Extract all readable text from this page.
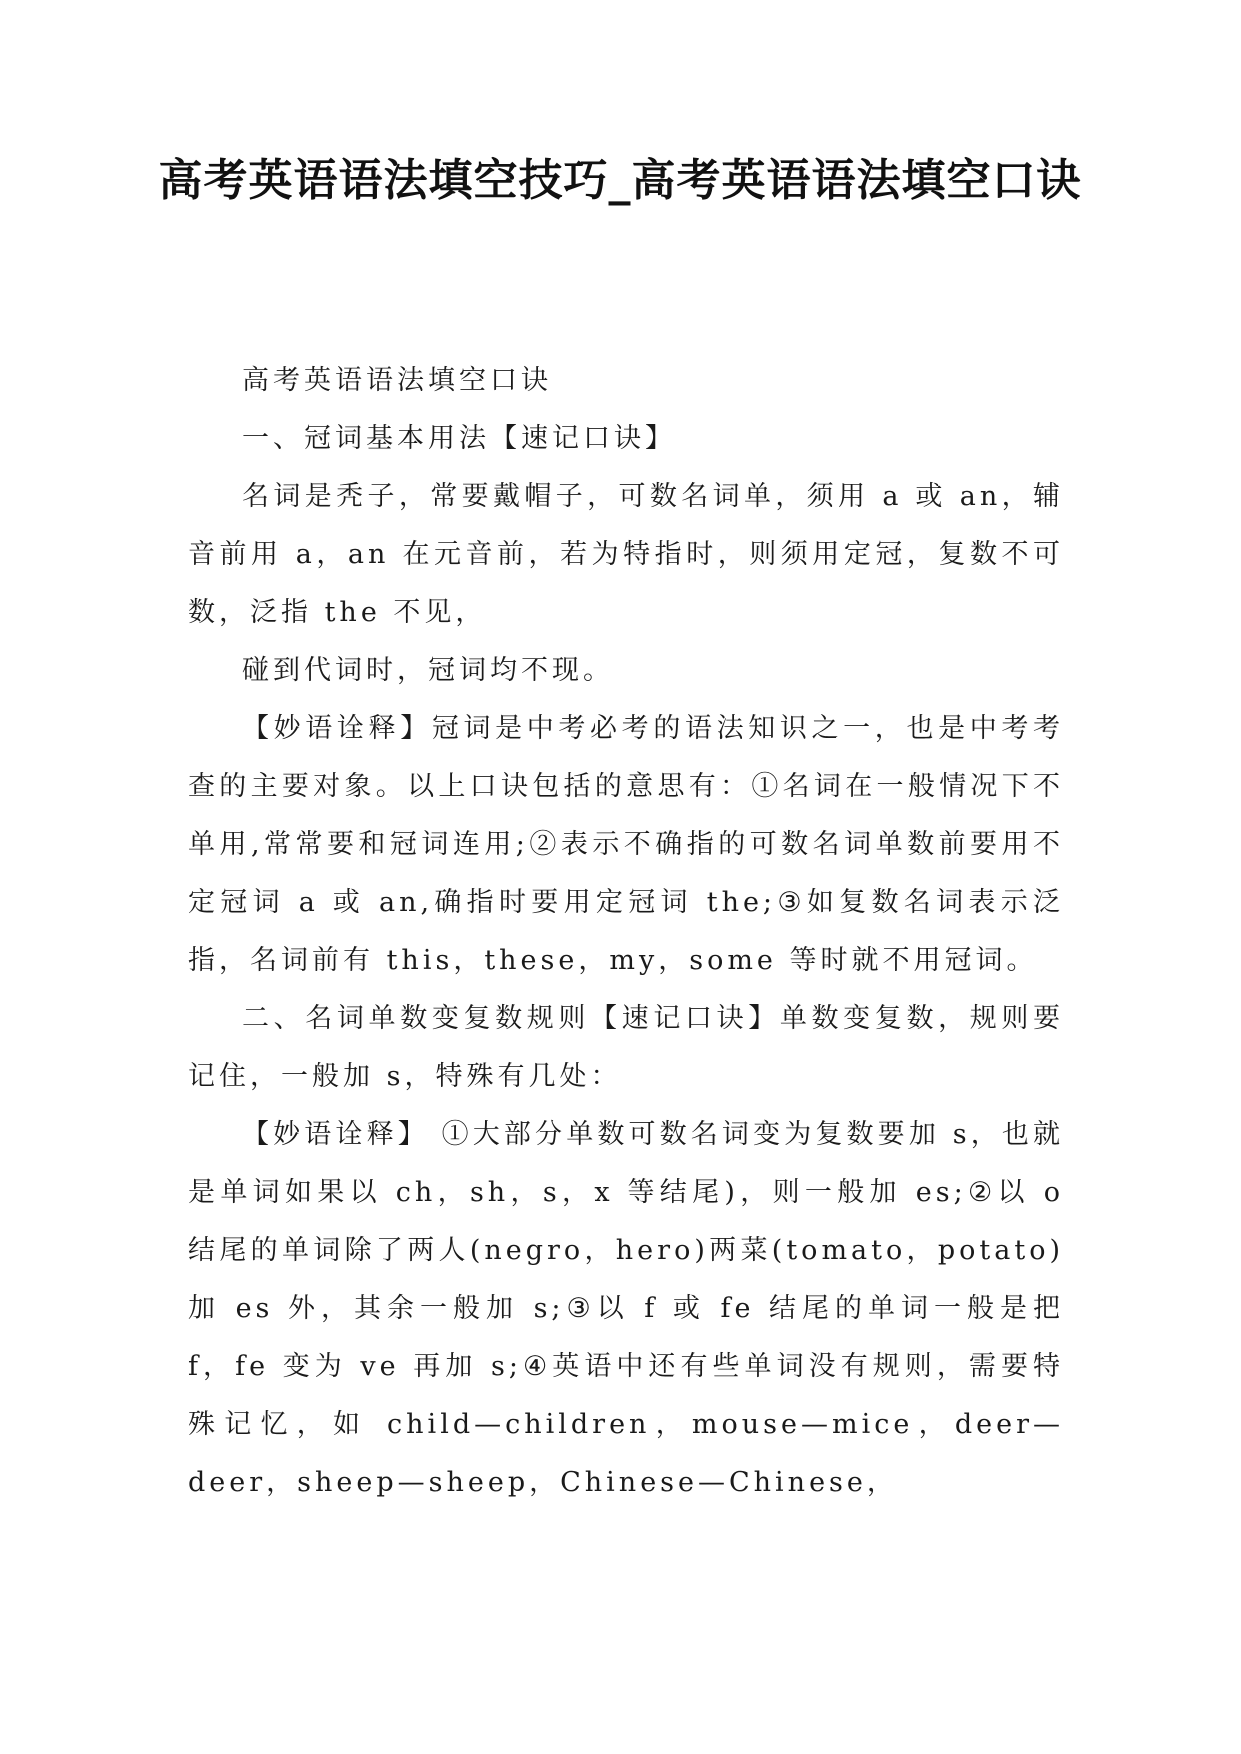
高考英语语法填空技巧_高考英语语法填空口诀

高考英语语法填空口诀

一、冠词基本用法【速记口诀】

名词是秃子，常要戴帽子，可数名词单，须用 a 或 an，辅音前用 a，an 在元音前，若为特指时，则须用定冠，复数不可数，泛指 the 不见，

碰到代词时，冠词均不现。

【妙语诠释】冠词是中考必考的语法知识之一，也是中考考查的主要对象。以上口诀包括的意思有：①名词在一般情况下不单用,常常要和冠词连用;②表示不确指的可数名词单数前要用不定冠词 a 或 an,确指时要用定冠词 the;③如复数名词表示泛指，名词前有 this，these，my，some 等时就不用冠词。

二、名词单数变复数规则【速记口诀】单数变复数，规则要记住，一般加 s，特殊有几处：

【妙语诠释】 ①大部分单数可数名词变为复数要加 s，也就是单词如果以 ch，sh，s，x 等结尾)，则一般加 es;②以 o 结尾的单词除了两人(negro，hero)两菜(tomato，potato)加 es 外，其余一般加 s;③以 f 或 fe 结尾的单词一般是把 f，fe 变为 ve 再加 s;④英语中还有些单词没有规则，需要特殊记忆，如 child—children，mouse—mice，deer—deer，sheep—sheep，Chinese—Chinese，
